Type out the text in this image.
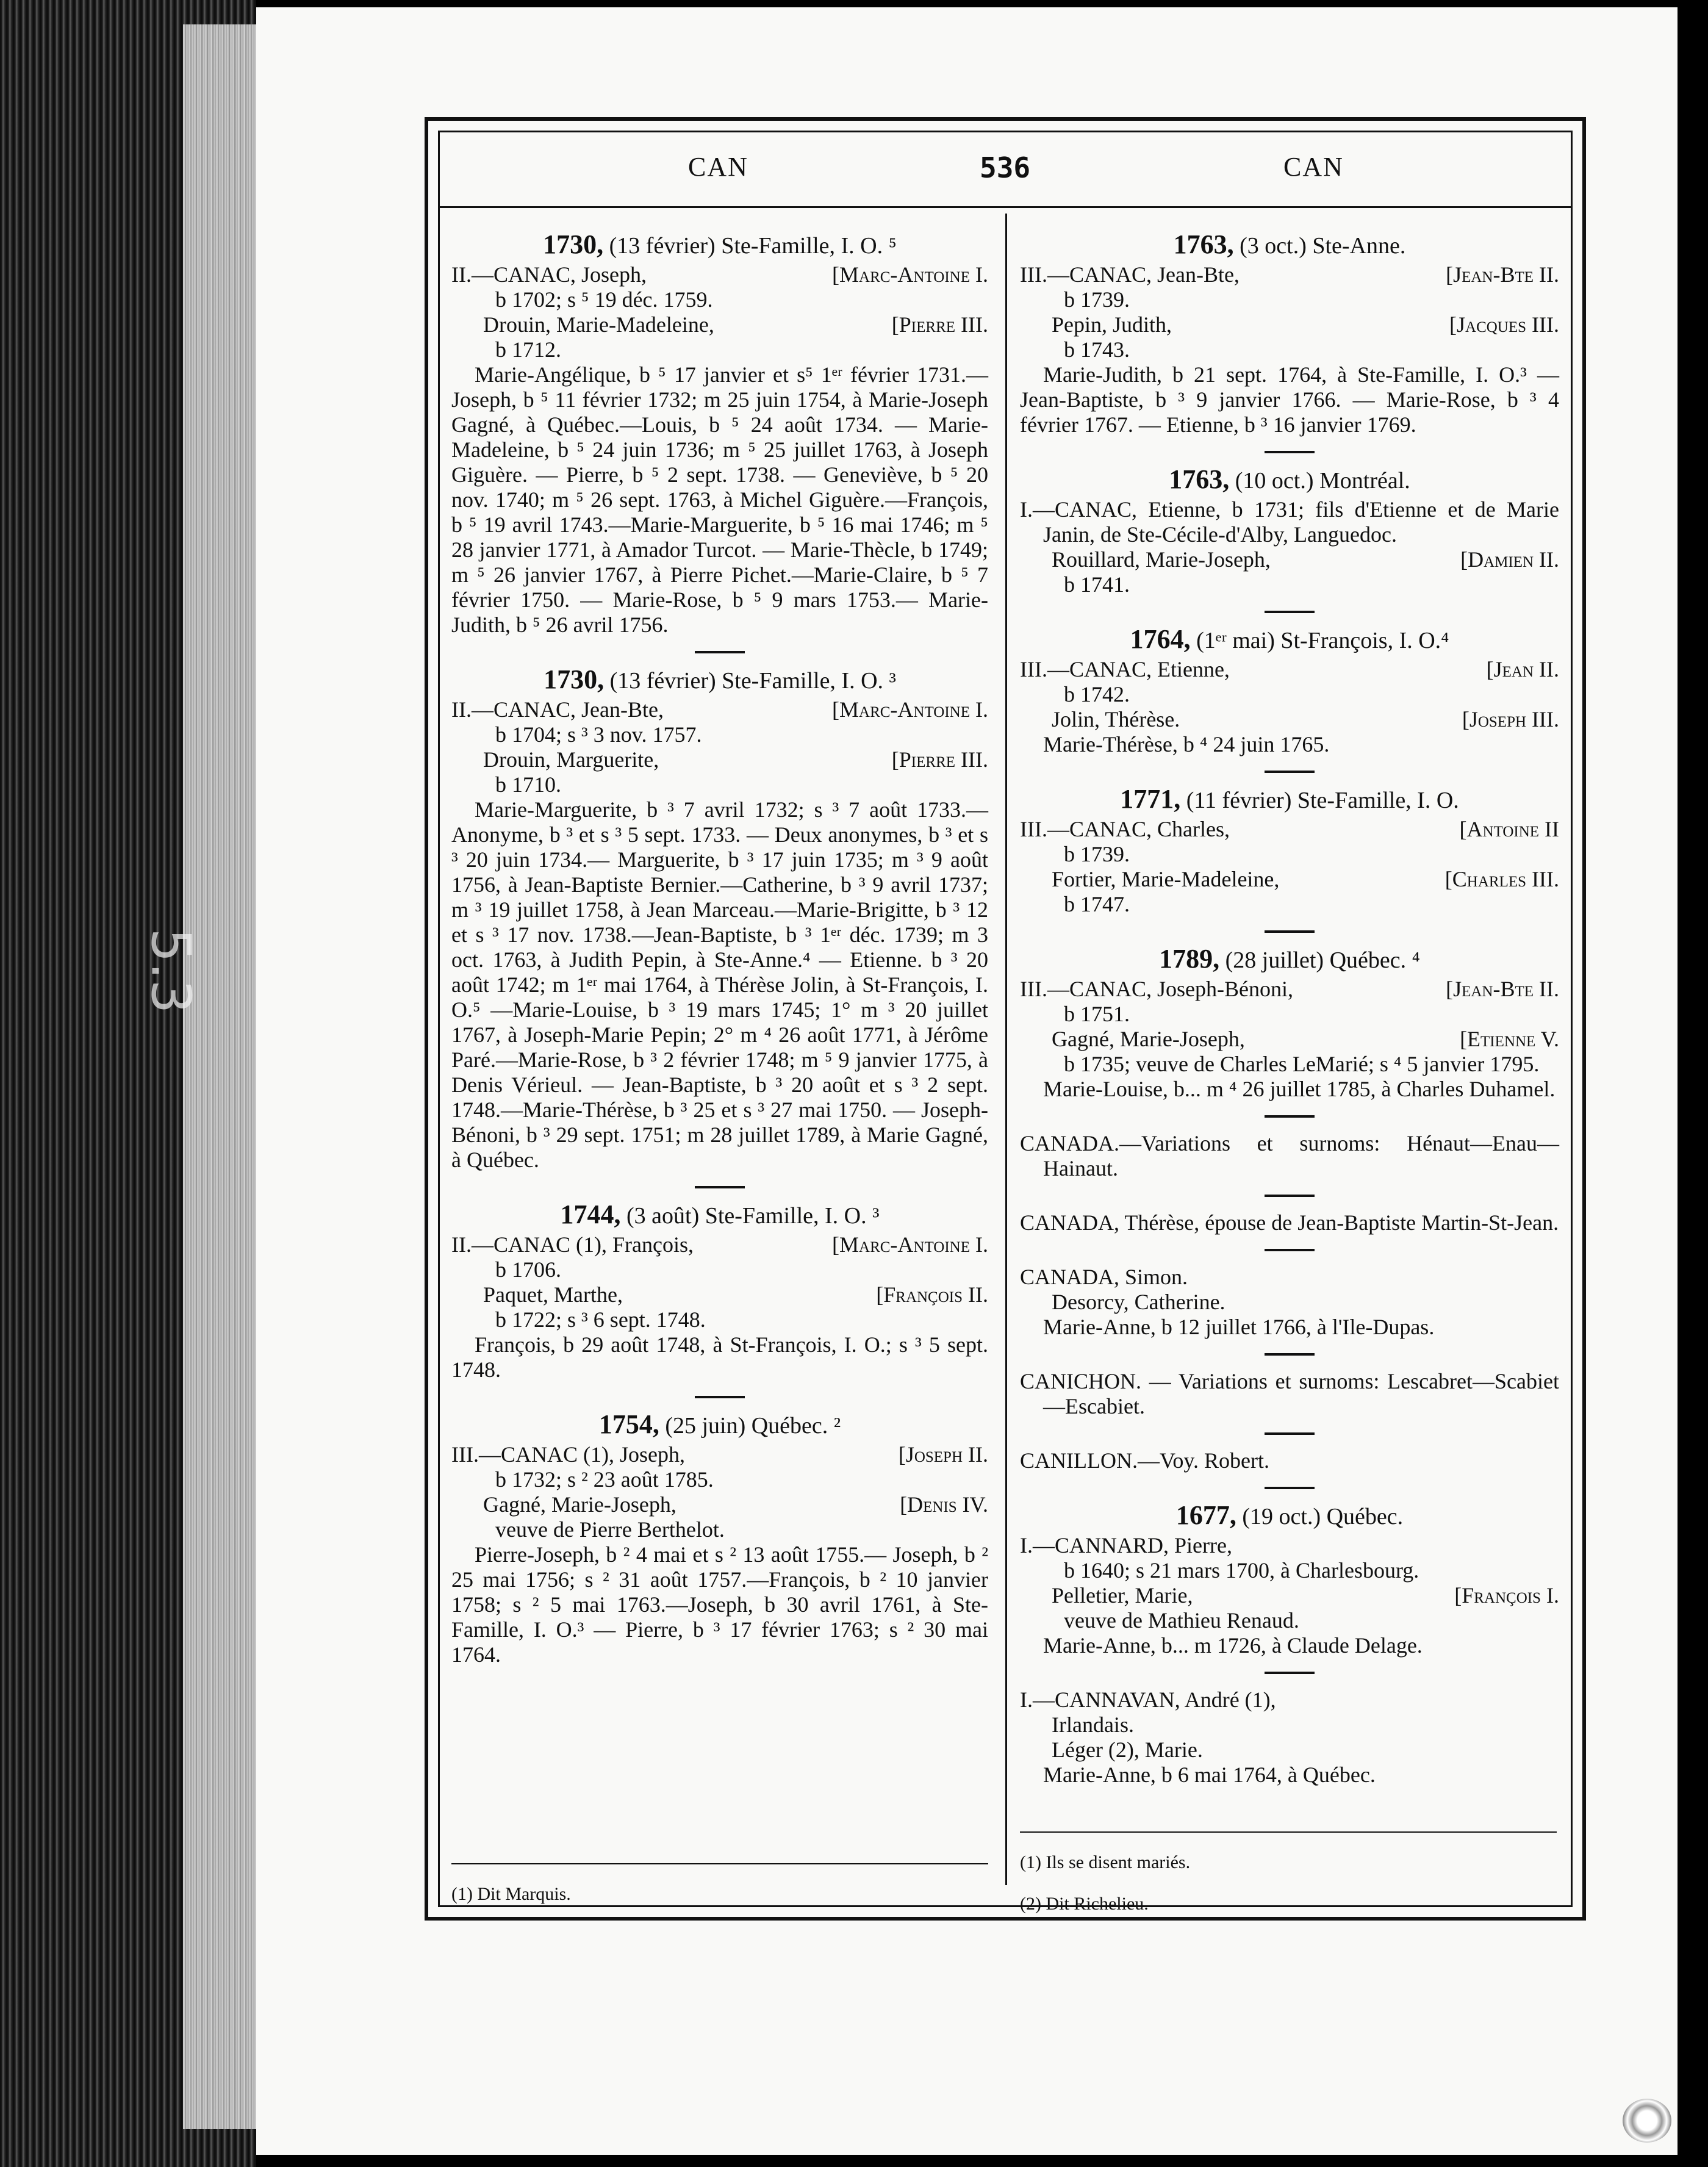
5.3
CAN	536	CAN

1730, (13 février) Ste-Famille, I. O. ⁵

[Marc-Antoine I.
II.—CANAC, Joseph,

b 1702; s ⁵ 19 déc. 1759.

[Pierre III.
Drouin, Marie-Madeleine,

b 1712.

Marie-Angélique, b ⁵ 17 janvier et s⁵ 1ᵉʳ février 1731.—Joseph, b ⁵ 11 février 1732; m 25 juin 1754, à Marie-Joseph Gagné, à Québec.—Louis, b ⁵ 24 août 1734. — Marie-Madeleine, b ⁵ 24 juin 1736; m ⁵ 25 juillet 1763, à Joseph Giguère. — Pierre, b ⁵ 2 sept. 1738. — Geneviève, b ⁵ 20 nov. 1740; m ⁵ 26 sept. 1763, à Michel Giguère.—François, b ⁵ 19 avril 1743.—Marie-Marguerite, b ⁵ 16 mai 1746; m ⁵ 28 janvier 1771, à Amador Turcot. — Marie-Thècle, b 1749; m ⁵ 26 janvier 1767, à Pierre Pichet.—Marie-Claire, b ⁵ 7 février 1750. — Marie-Rose, b ⁵ 9 mars 1753.— Marie-Judith, b ⁵ 26 avril 1756.

1730, (13 février) Ste-Famille, I. O. ³

[Marc-Antoine I.
II.—CANAC, Jean-Bte,

b 1704; s ³ 3 nov. 1757.

[Pierre III.
Drouin, Marguerite,

b 1710.

Marie-Marguerite, b ³ 7 avril 1732; s ³ 7 août 1733.—Anonyme, b ³ et s ³ 5 sept. 1733. — Deux anonymes, b ³ et s ³ 20 juin 1734.— Marguerite, b ³ 17 juin 1735; m ³ 9 août 1756, à Jean-Baptiste Bernier.—Catherine, b ³ 9 avril 1737; m ³ 19 juillet 1758, à Jean Marceau.—Marie-Brigitte, b ³ 12 et s ³ 17 nov. 1738.—Jean-Baptiste, b ³ 1ᵉʳ déc. 1739; m 3 oct. 1763, à Judith Pepin, à Ste-Anne.⁴ — Etienne. b ³ 20 août 1742; m 1ᵉʳ mai 1764, à Thérèse Jolin, à St-François, I. O.⁵ —Marie-Louise, b ³ 19 mars 1745; 1° m ³ 20 juillet 1767, à Joseph-Marie Pepin; 2° m ⁴ 26 août 1771, à Jérôme Paré.—Marie-Rose, b ³ 2 février 1748; m ⁵ 9 janvier 1775, à Denis Vérieul. — Jean-Baptiste, b ³ 20 août et s ³ 2 sept. 1748.—Marie-Thérèse, b ³ 25 et s ³ 27 mai 1750. — Joseph-Bénoni, b ³ 29 sept. 1751; m 28 juillet 1789, à Marie Gagné, à Québec.

1744, (3 août) Ste-Famille, I. O. ³

[Marc-Antoine I.
II.—CANAC (1), François,

b 1706.

[François II.
Paquet, Marthe,

b 1722; s ³ 6 sept. 1748.

François, b 29 août 1748, à St-François, I. O.; s ³ 5 sept. 1748.

1754, (25 juin) Québec. ²

[Joseph II.
III.—CANAC (1), Joseph,

b 1732; s ² 23 août 1785.

[Denis IV.
Gagné, Marie-Joseph,

veuve de Pierre Berthelot.

Pierre-Joseph, b ² 4 mai et s ² 13 août 1755.— Joseph, b ² 25 mai 1756; s ² 31 août 1757.—François, b ² 10 janvier 1758; s ² 5 mai 1763.—Joseph, b 30 avril 1761, à Ste-Famille, I. O.³ — Pierre, b ³ 17 février 1763; s ² 30 mai 1764.

1763, (3 oct.) Ste-Anne.

[Jean-Bte II.
III.—CANAC, Jean-Bte,

b 1739.

[Jacques III.
Pepin, Judith,

b 1743.

Marie-Judith, b 21 sept. 1764, à Ste-Famille, I. O.³ — Jean-Baptiste, b ³ 9 janvier 1766. — Marie-Rose, b ³ 4 février 1767. — Etienne, b ³ 16 janvier 1769.

1763, (10 oct.) Montréal.

I.—CANAC, Etienne, b 1731; fils d'Etienne et de Marie Janin, de Ste-Cécile-d'Alby, Languedoc.

[Damien II.
Rouillard, Marie-Joseph,

b 1741.

1764, (1ᵉʳ mai) St-François, I. O.⁴

[Jean II.
III.—CANAC, Etienne,

b 1742.

[Joseph III.
Jolin, Thérèse.

Marie-Thérèse, b ⁴ 24 juin 1765.

1771, (11 février) Ste-Famille, I. O.

[Antoine II
III.—CANAC, Charles,

b 1739.

[Charles III.
Fortier, Marie-Madeleine,

b 1747.

1789, (28 juillet) Québec. ⁴

[Jean-Bte II.
III.—CANAC, Joseph-Bénoni,

b 1751.

[Etienne V.
Gagné, Marie-Joseph,

b 1735; veuve de Charles LeMarié; s ⁴ 5 janvier 1795.

Marie-Louise, b... m ⁴ 26 juillet 1785, à Charles Duhamel.

CANADA.—Variations et surnoms: Hénaut—Enau—Hainaut.

CANADA, Thérèse, épouse de Jean-Baptiste Martin-St-Jean.

CANADA, Simon.

Desorcy, Catherine.

Marie-Anne, b 12 juillet 1766, à l'Ile-Dupas.

CANICHON. — Variations et surnoms: Lescabret—Scabiet—Escabiet.

CANILLON.—Voy. Robert.

1677, (19 oct.) Québec.

I.—CANNARD, Pierre,

b 1640; s 21 mars 1700, à Charlesbourg.

[François I.
Pelletier, Marie,

veuve de Mathieu Renaud.

Marie-Anne, b... m 1726, à Claude Delage.

I.—CANNAVAN, André (1),

Irlandais.

Léger (2), Marie.

Marie-Anne, b 6 mai 1764, à Québec.

(1) Dit Marquis.

(1) Ils se disent mariés.

(2) Dit Richelieu.
